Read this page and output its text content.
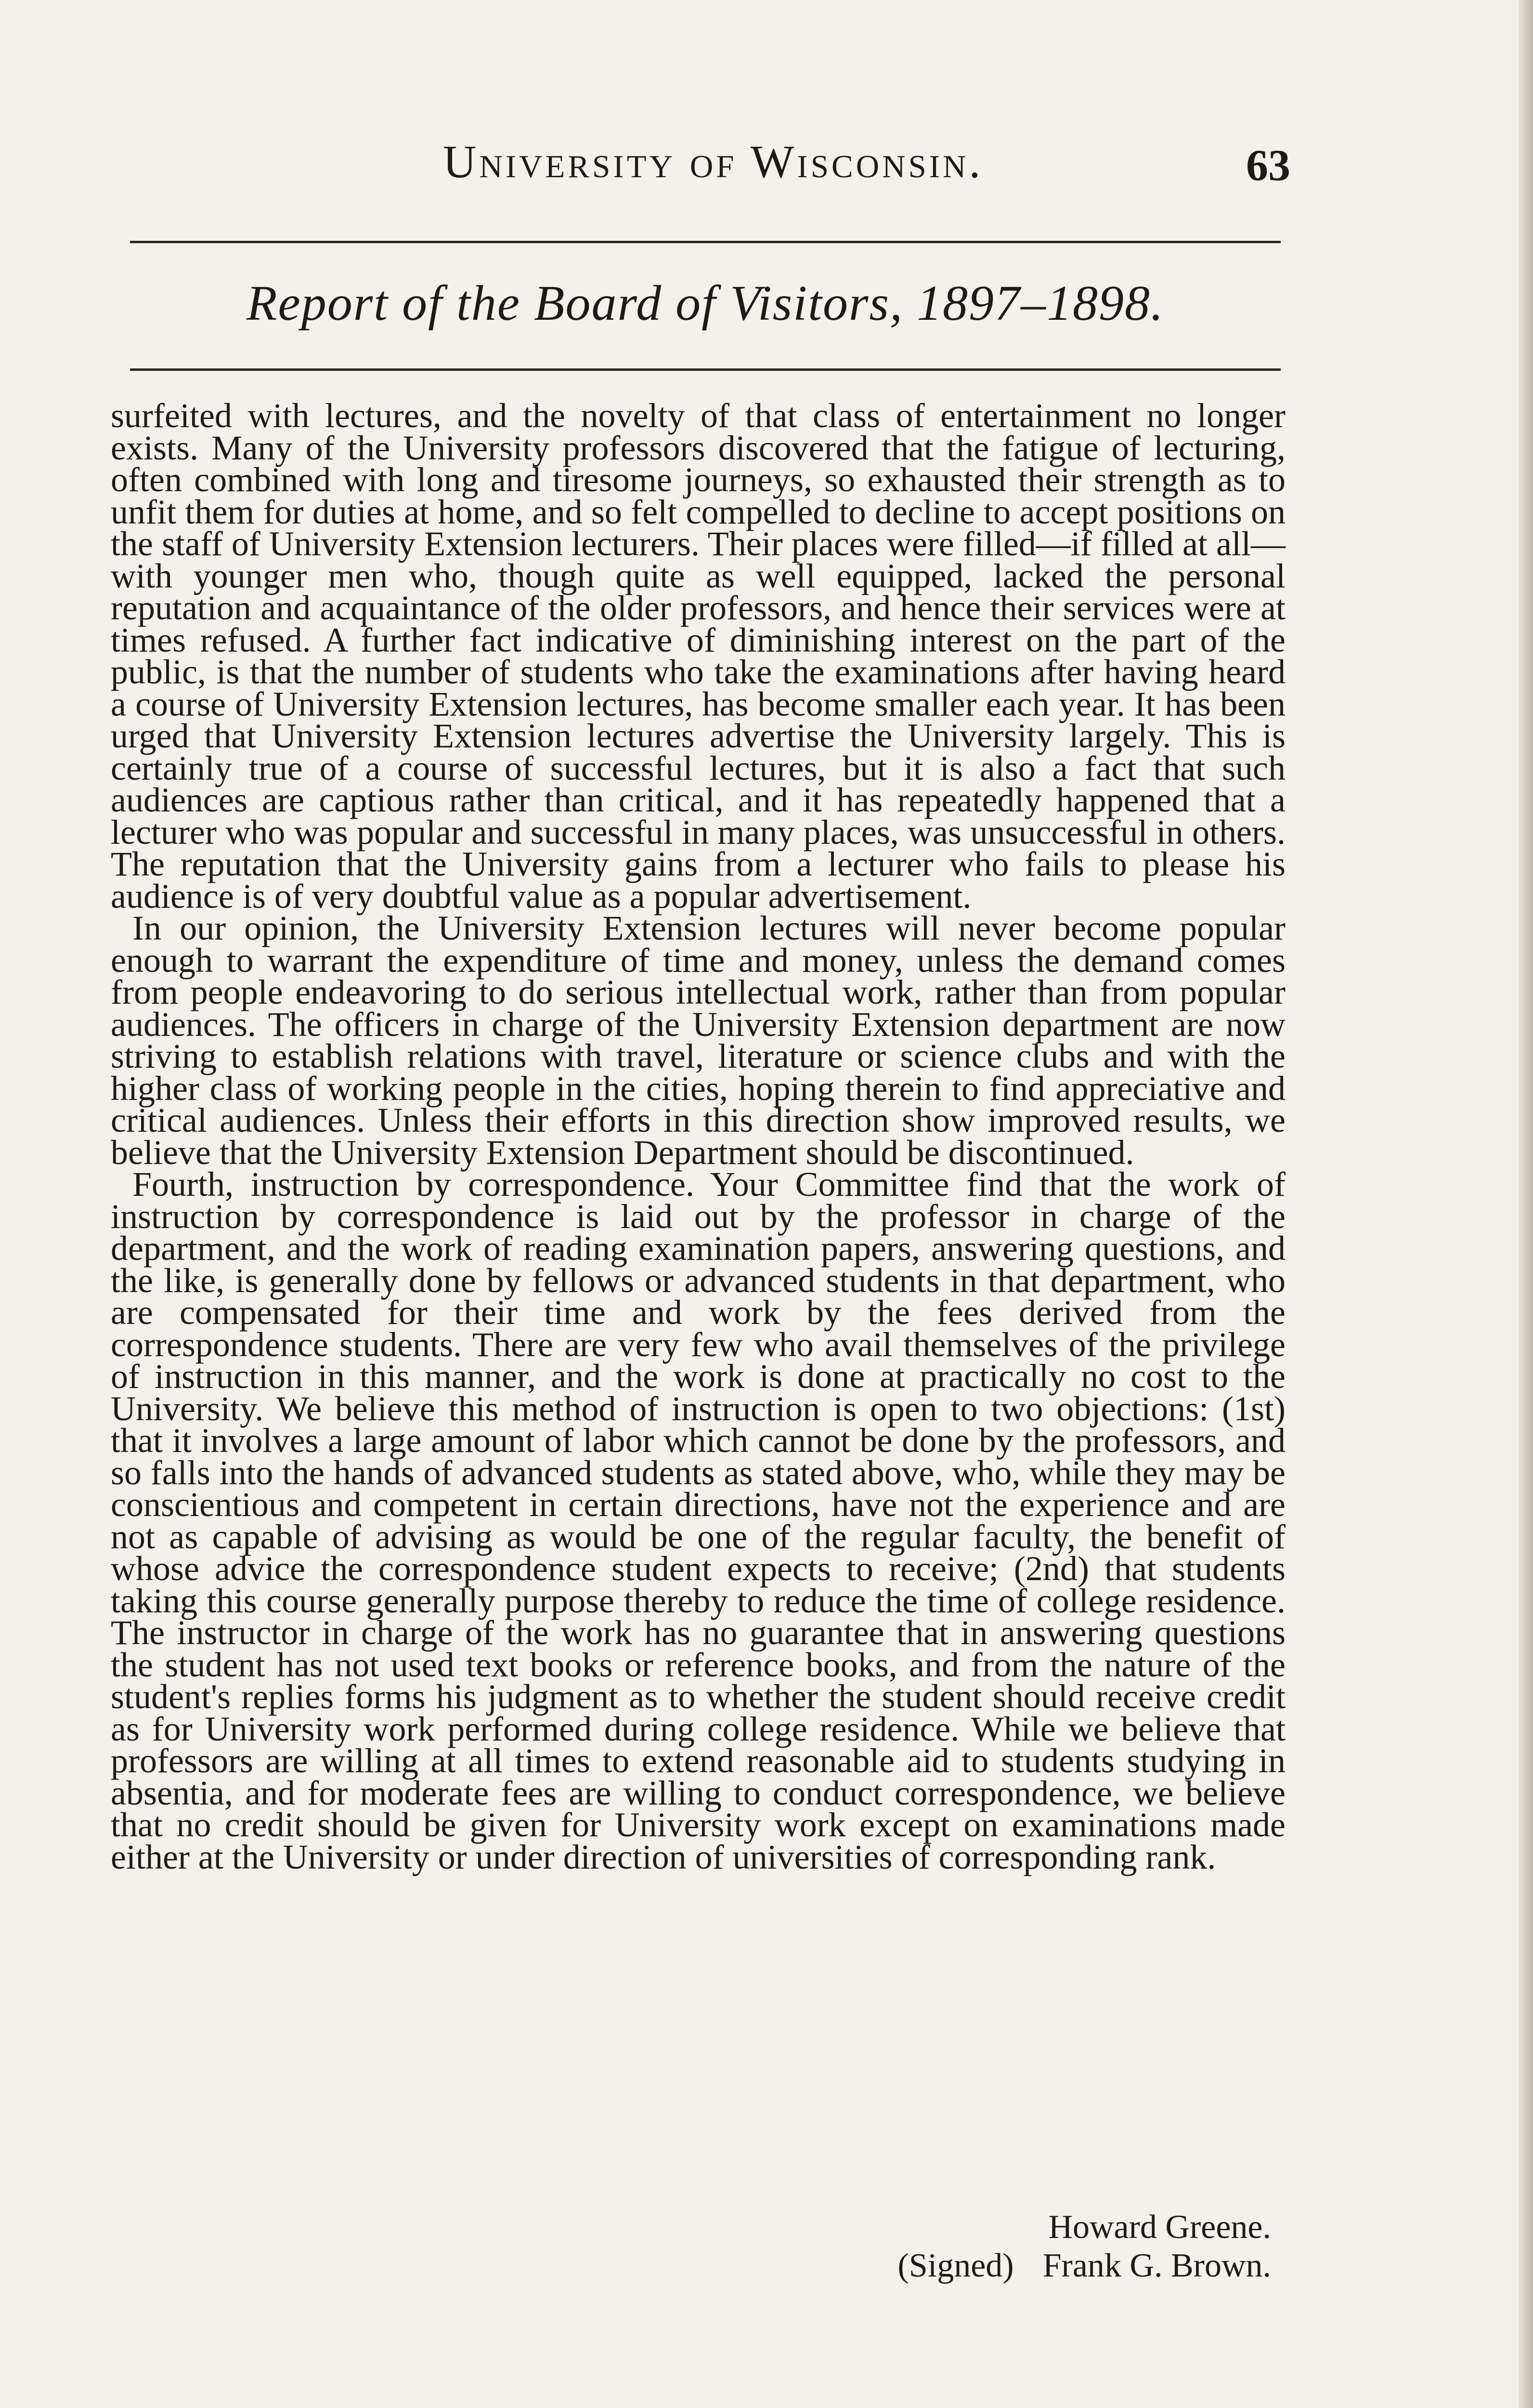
University of Wisconsin.	63
Report of the Board of Visitors, 1897–1898.

surfeited with lectures, and the novelty of that class of entertainment no longer exists. Many of the University professors discovered that the fatigue of lecturing, often combined with long and tiresome journeys, so exhausted their strength as to unfit them for duties at home, and so felt compelled to decline to accept positions on the staff of University Extension lecturers. Their places were filled—if filled at all—with younger men who, though quite as well equipped, lacked the personal reputation and acquaintance of the older professors, and hence their services were at times refused. A further fact indicative of diminishing interest on the part of the public, is that the number of students who take the examinations after having heard a course of University Extension lectures, has become smaller each year. It has been urged that University Extension lectures advertise the University largely. This is certainly true of a course of successful lectures, but it is also a fact that such audiences are captious rather than critical, and it has repeatedly happened that a lecturer who was popular and successful in many places, was unsuccessful in others. The reputation that the University gains from a lecturer who fails to please his audience is of very doubtful value as a popular advertisement.

In our opinion, the University Extension lectures will never become popular enough to warrant the expenditure of time and money, unless the demand comes from people endeavoring to do serious intellectual work, rather than from popular audiences. The officers in charge of the University Extension department are now striving to establish relations with travel, literature or science clubs and with the higher class of working people in the cities, hoping therein to find appreciative and critical audiences. Unless their efforts in this direction show improved results, we believe that the University Extension Department should be discontinued.

Fourth, instruction by correspondence. Your Committee find that the work of instruction by correspondence is laid out by the professor in charge of the department, and the work of reading examination papers, answering questions, and the like, is generally done by fellows or advanced students in that department, who are compensated for their time and work by the fees derived from the correspondence students. There are very few who avail themselves of the privilege of instruction in this manner, and the work is done at practically no cost to the University. We believe this method of instruction is open to two objections: (1st) that it involves a large amount of labor which cannot be done by the professors, and so falls into the hands of advanced students as stated above, who, while they may be conscientious and competent in certain directions, have not the experience and are not as capable of advising as would be one of the regular faculty, the benefit of whose advice the correspondence student expects to receive; (2nd) that students taking this course generally purpose thereby to reduce the time of college residence. The instructor in charge of the work has no guarantee that in answering questions the student has not used text books or reference books, and from the nature of the student's replies forms his judgment as to whether the student should receive credit as for University work performed during college residence. While we believe that professors are willing at all times to extend reasonable aid to students studying in absentia, and for moderate fees are willing to conduct correspondence, we believe that no credit should be given for University work except on examinations made either at the University or under direction of universities of corresponding rank.

Howard Greene.
(Signed) Frank G. Brown.
